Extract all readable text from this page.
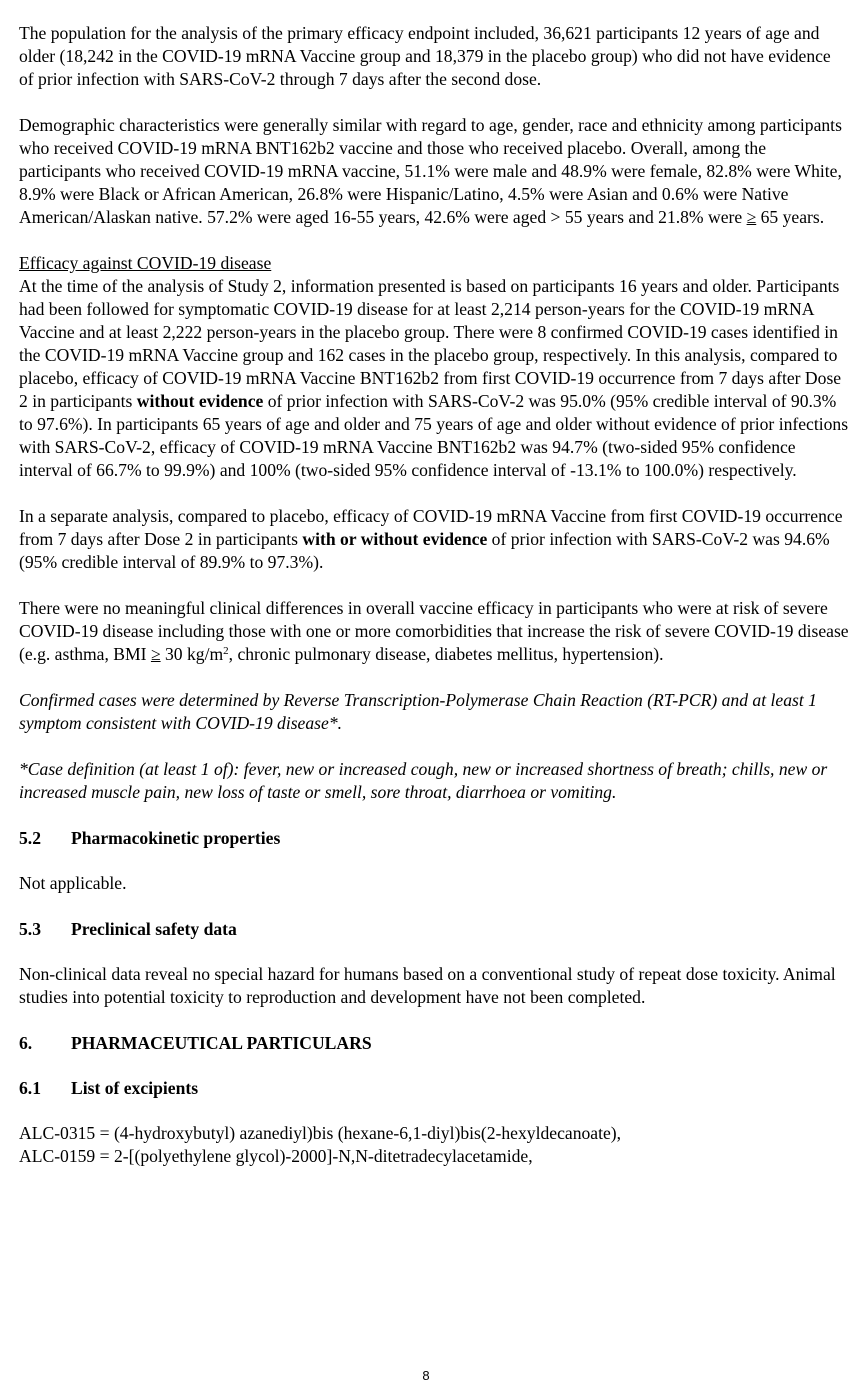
The population for the analysis of the primary efficacy endpoint included, 36,621 participants 12 years of age and older (18,242 in the COVID-19 mRNA Vaccine group and 18,379 in the placebo group) who did not have evidence of prior infection with SARS-CoV-2 through 7 days after the second dose.

Demographic characteristics were generally similar with regard to age, gender, race and ethnicity among participants who received COVID-19 mRNA BNT162b2 vaccine and those who received placebo. Overall, among the participants who received COVID-19 mRNA vaccine, 51.1% were male and 48.9% were female, 82.8% were White, 8.9% were Black or African American, 26.8% were Hispanic/Latino, 4.5% were Asian and 0.6% were Native American/Alaskan native. 57.2% were aged 16-55 years, 42.6% were aged > 55 years and 21.8% were ≥ 65 years.

Efficacy against COVID-19 disease
At the time of the analysis of Study 2, information presented is based on participants 16 years and older. Participants had been followed for symptomatic COVID-19 disease for at least 2,214 person-years for the COVID-19 mRNA Vaccine and at least 2,222 person-years in the placebo group. There were 8 confirmed COVID-19 cases identified in the COVID-19 mRNA Vaccine group and 162 cases in the placebo group, respectively. In this analysis, compared to placebo, efficacy of COVID-19 mRNA Vaccine BNT162b2 from first COVID-19 occurrence from 7 days after Dose 2 in participants without evidence of prior infection with SARS-CoV-2 was 95.0% (95% credible interval of 90.3% to 97.6%). In participants 65 years of age and older and 75 years of age and older without evidence of prior infections with SARS-CoV-2, efficacy of COVID-19 mRNA Vaccine BNT162b2 was 94.7% (two-sided 95% confidence interval of 66.7% to 99.9%) and 100% (two-sided 95% confidence interval of -13.1% to 100.0%) respectively.

In a separate analysis, compared to placebo, efficacy of COVID-19 mRNA Vaccine from first COVID-19 occurrence from 7 days after Dose 2 in participants with or without evidence of prior infection with SARS-CoV-2 was 94.6% (95% credible interval of 89.9% to 97.3%).

There were no meaningful clinical differences in overall vaccine efficacy in participants who were at risk of severe COVID-19 disease including those with one or more comorbidities that increase the risk of severe COVID-19 disease (e.g. asthma, BMI ≥ 30 $kg/m^2$, chronic pulmonary disease, diabetes mellitus, hypertension).

Confirmed cases were determined by Reverse Transcription-Polymerase Chain Reaction (RT-PCR) and at least 1 symptom consistent with COVID-19 disease*.

*Case definition (at least 1 of): fever, new or increased cough, new or increased shortness of breath; chills, new or increased muscle pain, new loss of taste or smell, sore throat, diarrhoea or vomiting.

5.2	Pharmacokinetic properties

Not applicable.

5.3	Preclinical safety data

Non-clinical data reveal no special hazard for humans based on a conventional study of repeat dose toxicity. Animal studies into potential toxicity to reproduction and development have not been completed.

6.	PHARMACEUTICAL PARTICULARS
6.1	List of excipients
ALC-0315 = (4-hydroxybutyl) azanediyl)bis (hexane-6,1-diyl)bis(2-hexyldecanoate),
ALC-0159 = 2-[(polyethylene glycol)-2000]-N,N-ditetradecylacetamide,
8
